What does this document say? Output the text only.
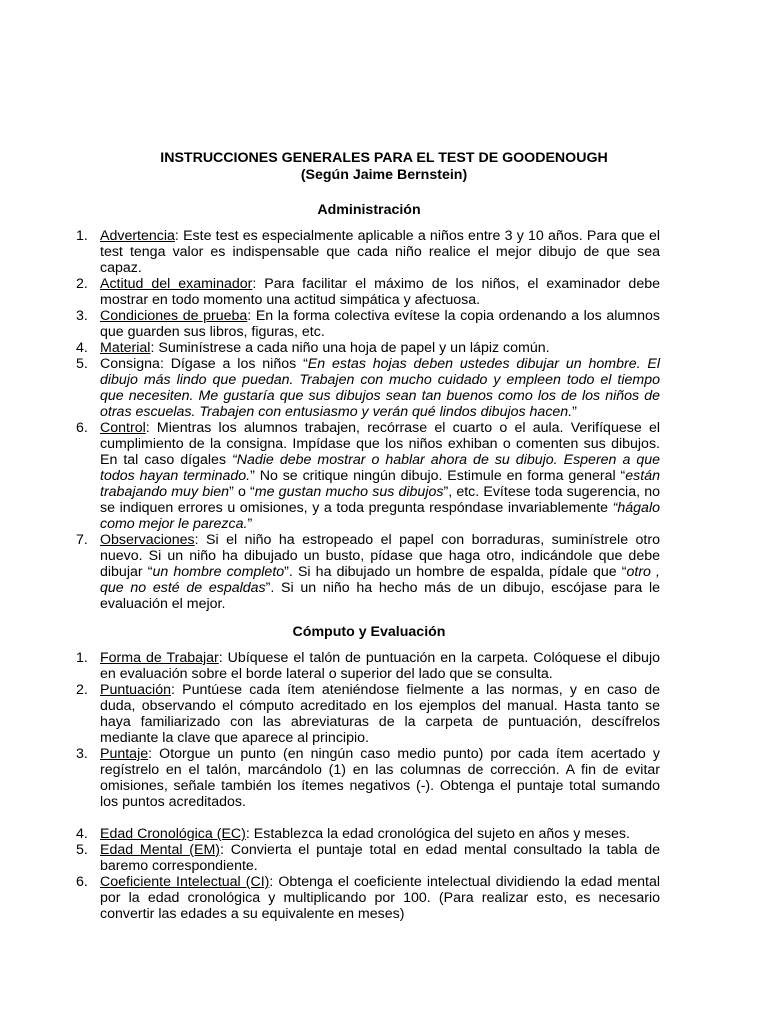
INSTRUCCIONES GENERALES PARA EL TEST DE GOODENOUGH
(Según Jaime Bernstein)
Administración
1. Advertencia: Este test es especialmente aplicable a niños entre 3 y 10 años. Para que el test tenga valor es indispensable que cada niño realice el mejor dibujo de que sea capaz.
2. Actitud del examinador: Para facilitar el máximo de los niños, el examinador debe mostrar en todo momento una actitud simpática y afectuosa.
3. Condiciones de prueba: En la forma colectiva evítese la copia ordenando a los alumnos que guarden sus libros, figuras, etc.
4. Material: Suminístrese a cada niño una hoja de papel y un lápiz común.
5. Consigna: Dígase a los niños “En estas hojas deben ustedes dibujar un hombre. El dibujo más lindo que puedan. Trabajen con mucho cuidado y empleen todo el tiempo que necesiten. Me gustaría que sus dibujos sean tan buenos como los de los niños de otras escuelas. Trabajen con entusiasmo y verán qué lindos dibujos hacen.”
6. Control: Mientras los alumnos trabajen, recórrase el cuarto o el aula. Verifíquese el cumplimiento de la consigna. Impídase que los niños exhiban o comenten sus dibujos. En tal caso dígales “Nadie debe mostrar o hablar ahora de su dibujo. Esperen a que todos hayan terminado.” No se critique ningún dibujo. Estimule en forma general “están trabajando muy bien” o “me gustan mucho sus dibujos”, etc. Evítese toda sugerencia, no se indiquen errores u omisiones, y a toda pregunta respóndase invariablemente “hágalo como mejor le parezca.”
7. Observaciones: Si el niño ha estropeado el papel con borraduras, suminístrele otro nuevo. Si un niño ha dibujado un busto, pídase que haga otro, indicándole que debe dibujar “un hombre completo”. Si ha dibujado un hombre de espalda, pídale que “otro , que no esté de espaldas”. Si un niño ha hecho más de un dibujo, escójase para le evaluación el mejor.
Cómputo y Evaluación
1. Forma de Trabajar: Ubíquese el talón de puntuación en la carpeta. Colóquese el dibujo en evaluación sobre el borde lateral o superior del lado que se consulta.
2. Puntuación: Puntúese cada ítem ateniéndose fielmente a las normas, y en caso de duda, observando el cómputo acreditado en los ejemplos del manual. Hasta tanto se haya familiarizado con las abreviaturas de la carpeta de puntuación, descífrelos mediante la clave que aparece al principio.
3. Puntaje: Otorgue un punto (en ningún caso medio punto) por cada ítem acertado y regístrelo en el talón, marcándolo (1) en las columnas de corrección. A fin de evitar omisiones, señale también los ítemes negativos (-). Obtenga el puntaje total sumando los puntos acreditados.
4. Edad Cronológica (EC): Establezca la edad cronológica del sujeto en años y meses.
5. Edad Mental (EM): Convierta el puntaje total en edad mental consultado la tabla de baremo correspondiente.
6. Coeficiente Intelectual (CI): Obtenga el coeficiente intelectual dividiendo la edad mental por la edad cronológica y multiplicando por 100. (Para realizar esto, es necesario convertir las edades a su equivalente en meses)
